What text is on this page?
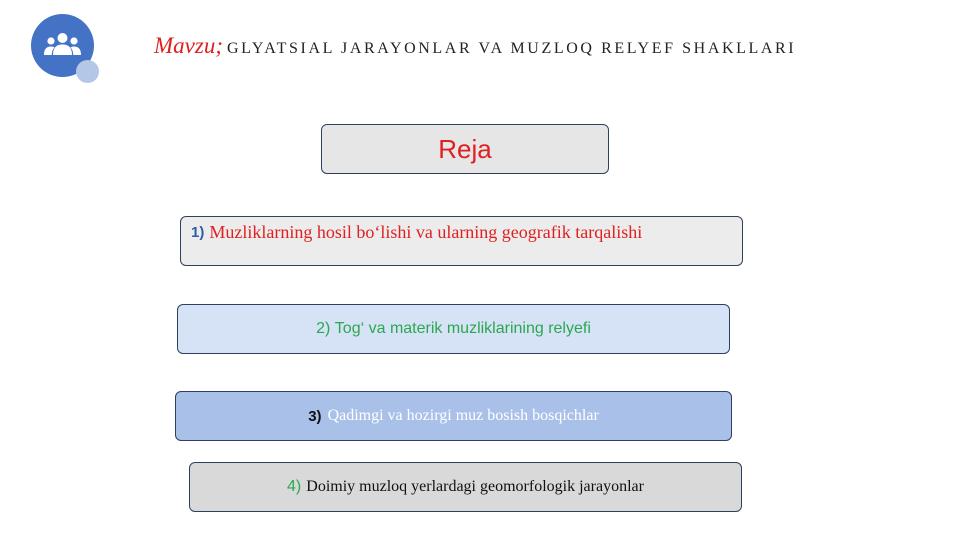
Mavzu; GLYATSIAL JARAYONLAR VA MUZLOQ RELYEF SHAKLLARI
Reja
1) Muzliklarning hosil bo‘lishi va ularning geografik tarqalishi
2)
Tog‘ va materik muzliklarining relyefi
3) Qadimgi va hozirgi muz bosish bosqichlar
4) Doimiy muzloq yerlardagi geomorfologik jarayonlar
